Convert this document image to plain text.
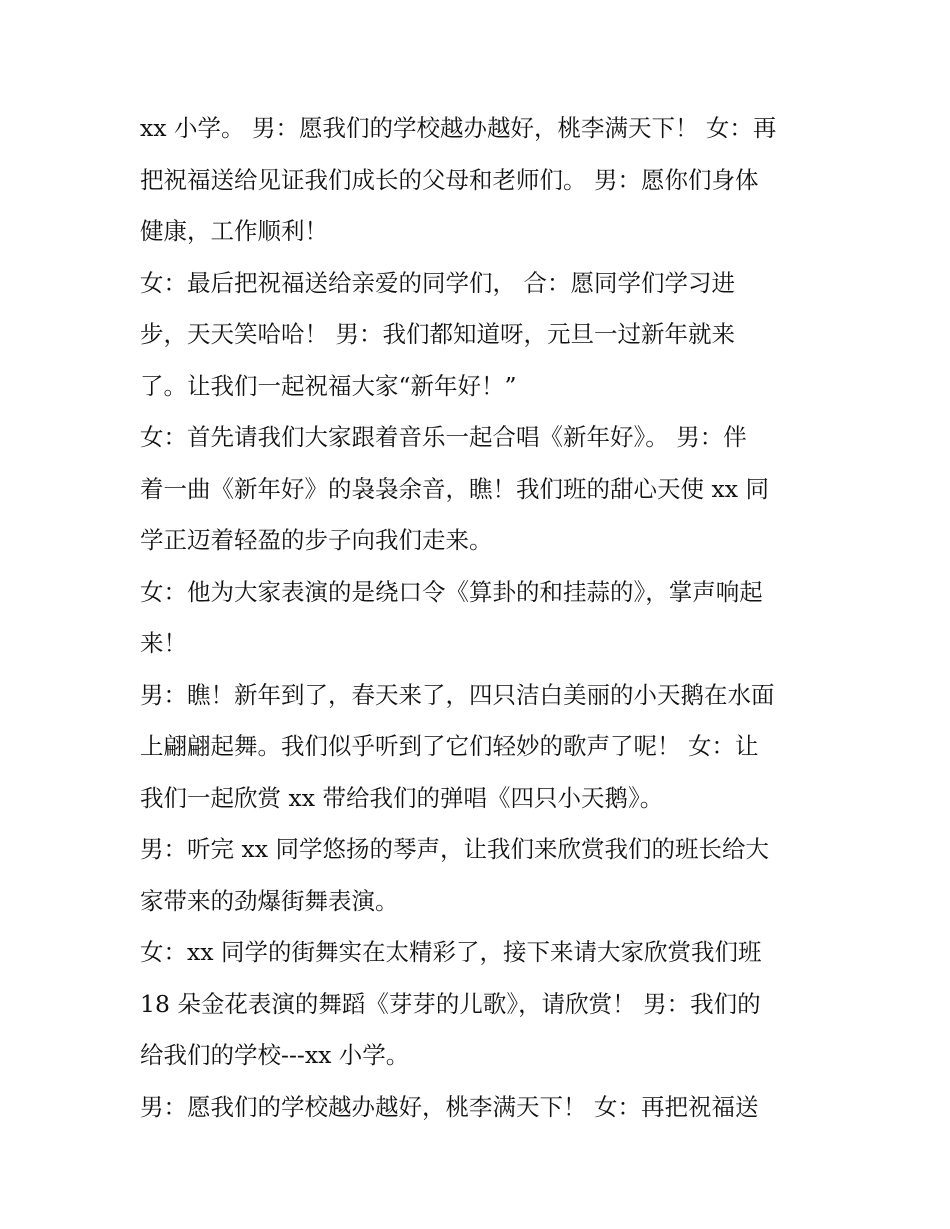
xx 小学。 男：愿我们的学校越办越好，桃李满天下！ 女：再
把祝福送给见证我们成长的父母和老师们。 男：愿你们身体
健康，工作顺利！
女：最后把祝福送给亲爱的同学们， 合：愿同学们学习进
步，天天笑哈哈！ 男：我们都知道呀，元旦一过新年就来
了。让我们一起祝福大家“新年好！”
女：首先请我们大家跟着音乐一起合唱《新年好》。 男：伴
着一曲《新年好》的袅袅余音，瞧！我们班的甜心天使 xx 同
学正迈着轻盈的步子向我们走来。
女：他为大家表演的是绕口令《算卦的和挂蒜的》，掌声响起
来！
男：瞧！新年到了，春天来了，四只洁白美丽的小天鹅在水面
上翩翩起舞。我们似乎听到了它们轻妙的歌声了呢！ 女：让
我们一起欣赏 xx 带给我们的弹唱《四只小天鹅》。
男：听完 xx 同学悠扬的琴声，让我们来欣赏我们的班长给大
家带来的劲爆街舞表演。
女：xx 同学的街舞实在太精彩了，接下来请大家欣赏我们班
18 朵金花表演的舞蹈《芽芽的儿歌》，请欣赏！ 男：我们的
给我们的学校---xx 小学。
男：愿我们的学校越办越好，桃李满天下！ 女：再把祝福送
